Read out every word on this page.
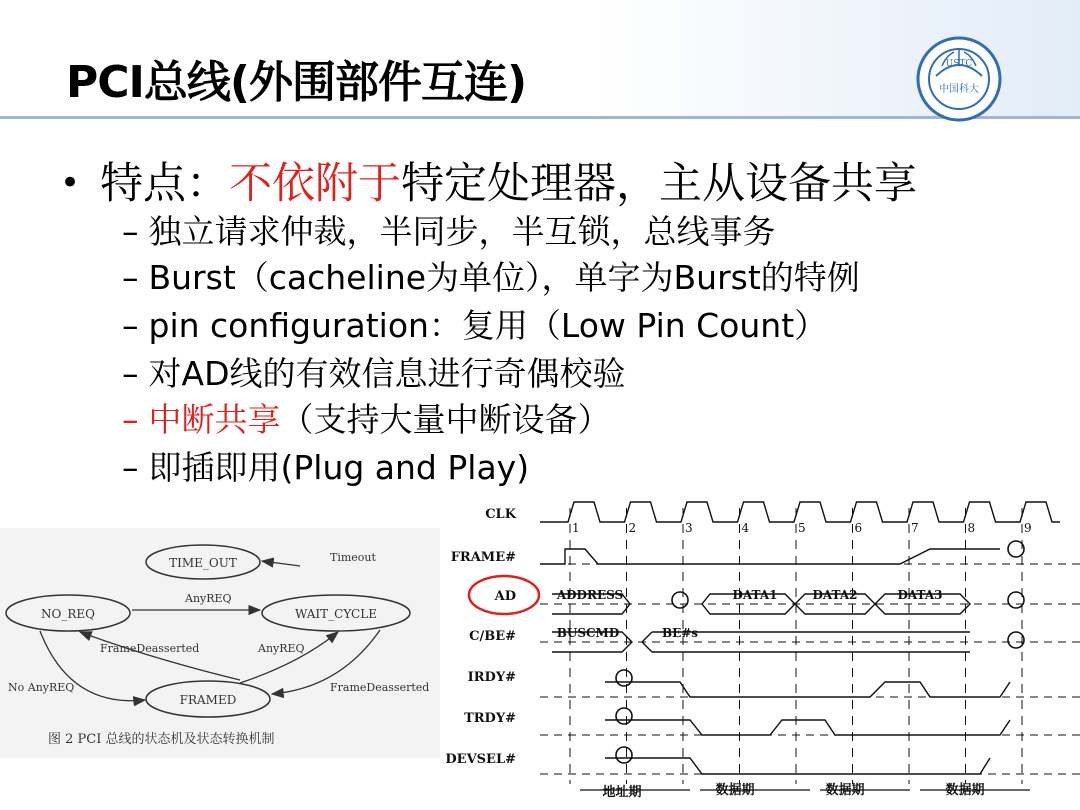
PCI总线(外围部件互连)	USTC
中国科大
• 特点：不依附于特定处理器，主从设备共享
– 独立请求仲裁，半同步，半互锁，总线事务
– Burst（cacheline为单位），单字为Burst的特例
– pin configuration：复用（Low Pin Count）
– 对AD线的有效信息进行奇偶校验
– 中断共享（支持大量中断设备）
– 即插即用(Plug and Play)
TIME_OUT
NO_REQ	WAIT_CYCLE
FRAMED
Timeout
AnyREQ
FrameDeasserted	AnyREQ
No AnyREQ	FrameDeasserted
图 2 PCI 总线的状态机及状态转换机制
CLK
FRAME#
AD
C/BE#
IRDY#
TRDY#
DEVSEL#
1	2	3	4	5	6	7	8	9
ADDRESS	DATA1	DATA2	DATA3
BUSCMD	BE#s
地址期	数据期	数据期	数据期
